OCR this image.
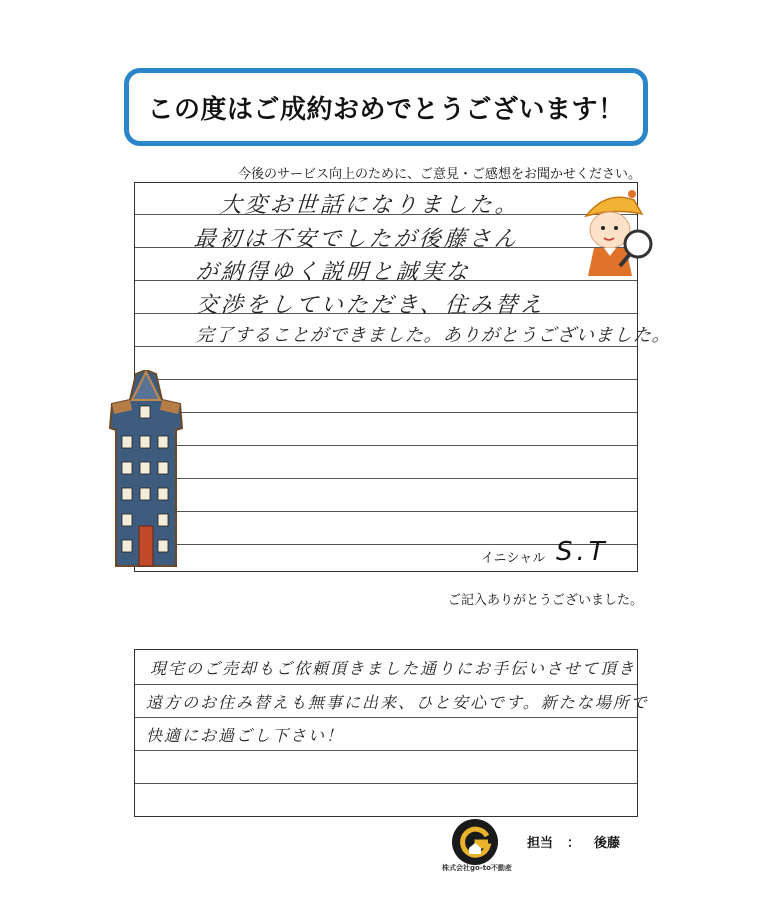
この度はご成約おめでとうございます！
今後のサービス向上のために、ご意見・ご感想をお聞かせください。
大変お世話になりました。
最初は不安でしたが後藤さん
が納得ゆく説明と誠実な
交渉をしていただき、住み替え
完了することができました。ありがとうございました。
イニシャル S.T
ご記入ありがとうございました。
現宅のご売却もご依頼頂きました通りにお手伝いさせて頂き
遠方のお住み替えも無事に出来、ひと安心です。新たな場所で
快適にお過ごし下さい！
株式会社go-to不動産
担当 ： 後藤
